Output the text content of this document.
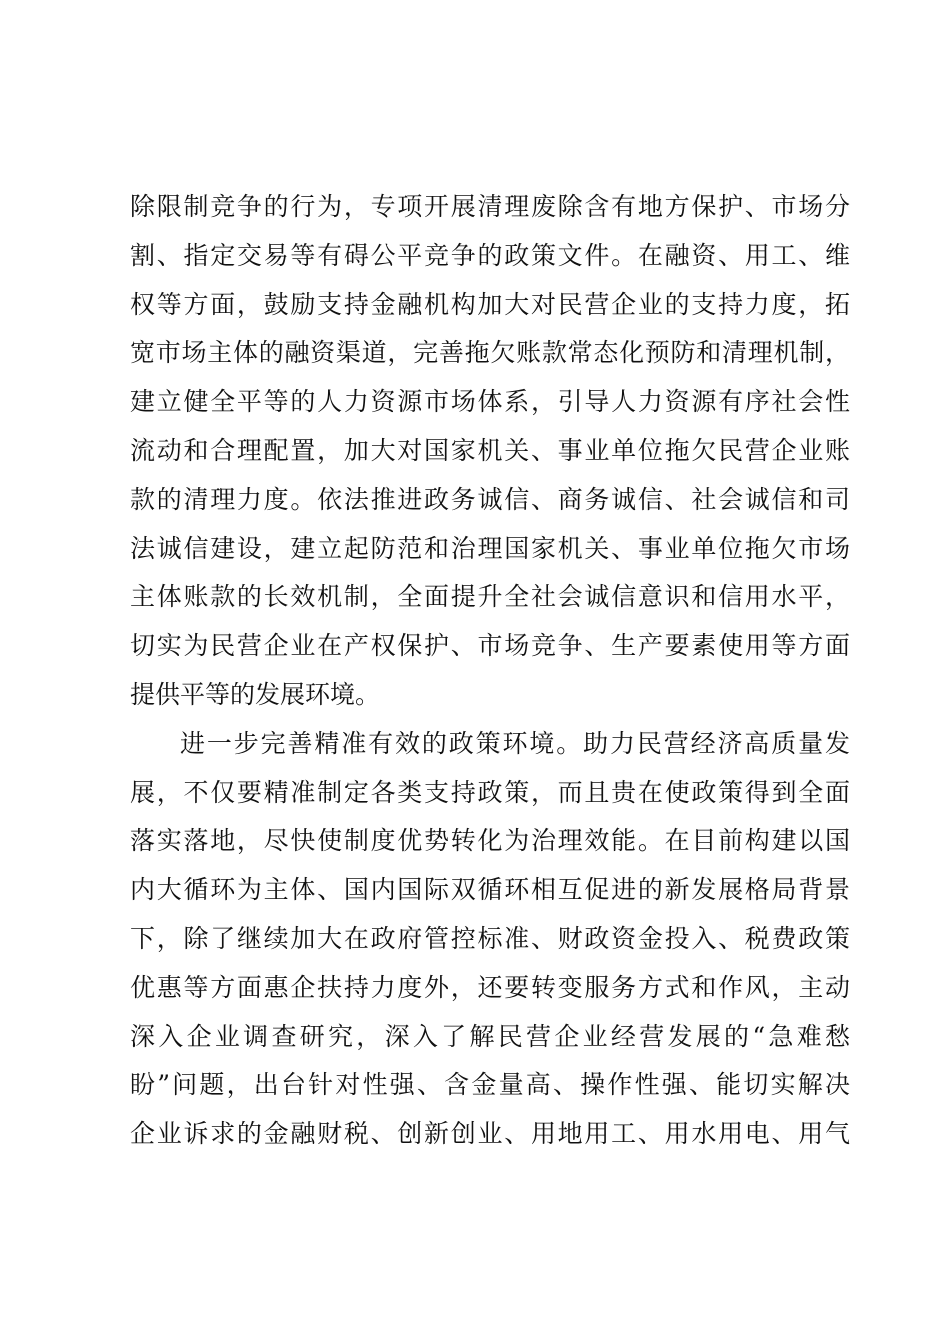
除限制竞争的行为，专项开展清理废除含有地方保护、市场分
割、指定交易等有碍公平竞争的政策文件。在融资、用工、维
权等方面，鼓励支持金融机构加大对民营企业的支持力度，拓
宽市场主体的融资渠道，完善拖欠账款常态化预防和清理机制，
建立健全平等的人力资源市场体系，引导人力资源有序社会性
流动和合理配置，加大对国家机关、事业单位拖欠民营企业账
款的清理力度。依法推进政务诚信、商务诚信、社会诚信和司
法诚信建设，建立起防范和治理国家机关、事业单位拖欠市场
主体账款的长效机制，全面提升全社会诚信意识和信用水平，
切实为民营企业在产权保护、市场竞争、生产要素使用等方面
提供平等的发展环境。
进一步完善精准有效的政策环境。助力民营经济高质量发
展，不仅要精准制定各类支持政策，而且贵在使政策得到全面
落实落地，尽快使制度优势转化为治理效能。在目前构建以国
内大循环为主体、国内国际双循环相互促进的新发展格局背景
下，除了继续加大在政府管控标准、财政资金投入、税费政策
优惠等方面惠企扶持力度外，还要转变服务方式和作风，主动
深入企业调查研究，深入了解民营企业经营发展的“急难愁
盼”问题，出台针对性强、含金量高、操作性强、能切实解决
企业诉求的金融财税、创新创业、用地用工、用水用电、用气
